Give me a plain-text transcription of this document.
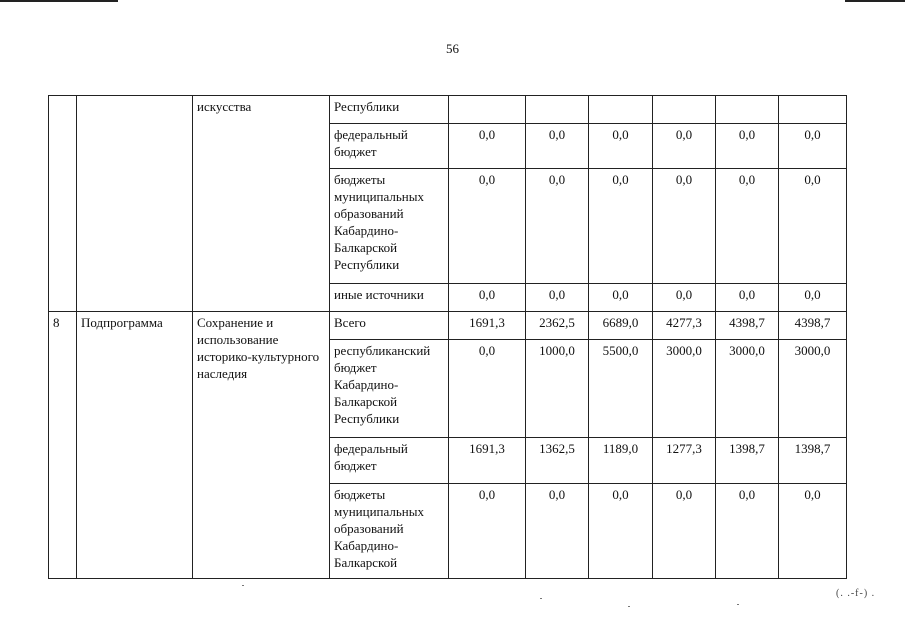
56
		искусства	Республики						
			федеральный бюджет	0,0	0,0	0,0	0,0	0,0	0,0
			бюджеты муниципальных образований Кабардино-Балкарской Республики	0,0	0,0	0,0	0,0	0,0	0,0
			иные источники	0,0	0,0	0,0	0,0	0,0	0,0
8	Подпрограмма	Сохранение и использование историко-культурного наследия	Всего	1691,3	2362,5	6689,0	4277,3	4398,7	4398,7
			республиканский бюджет Кабардино-Балкарской Республики	0,0	1000,0	5500,0	3000,0	3000,0	3000,0
			федеральный бюджет	1691,3	1362,5	1189,0	1277,3	1398,7	1398,7
			бюджеты муниципальных образований Кабардино-Балкарской	0,0	0,0	0,0	0,0	0,0	0,0
(. .-f-) .
